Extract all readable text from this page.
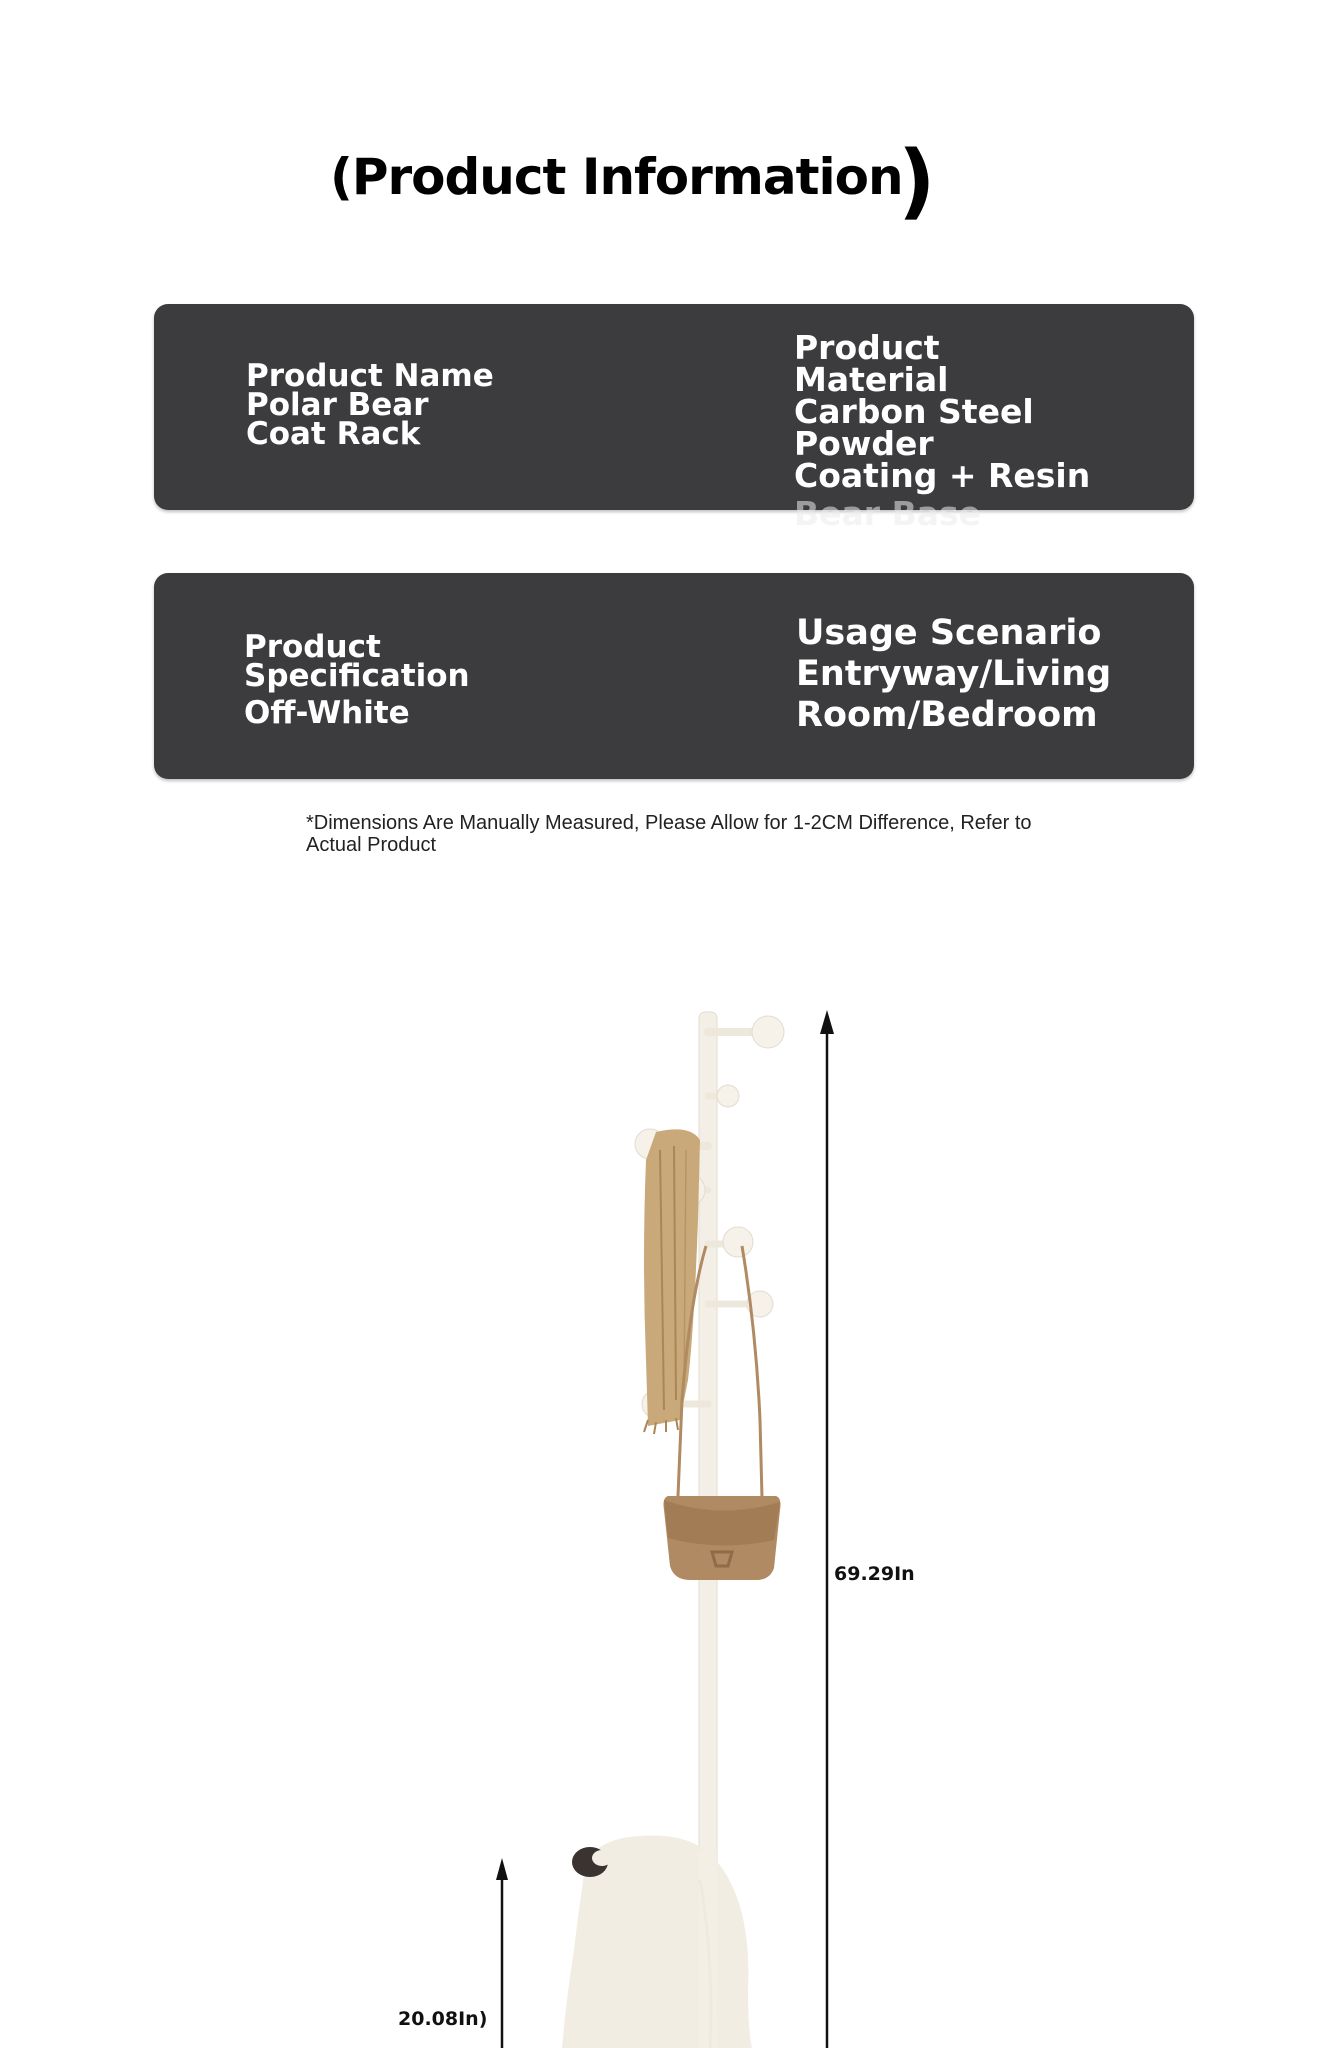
(Product Information
)
Product Name
Polar Bear
Coat Rack
Product
Material
Carbon Steel
Powder
Coating + Resin
Bear Base
Product
Specification
Off-White
Usage Scenario
Entryway/Living
Room/Bedroom
*Dimensions Are Manually Measured, Please Allow for 1-2CM Difference, Refer to Actual Product
69.29In
20.08In)
